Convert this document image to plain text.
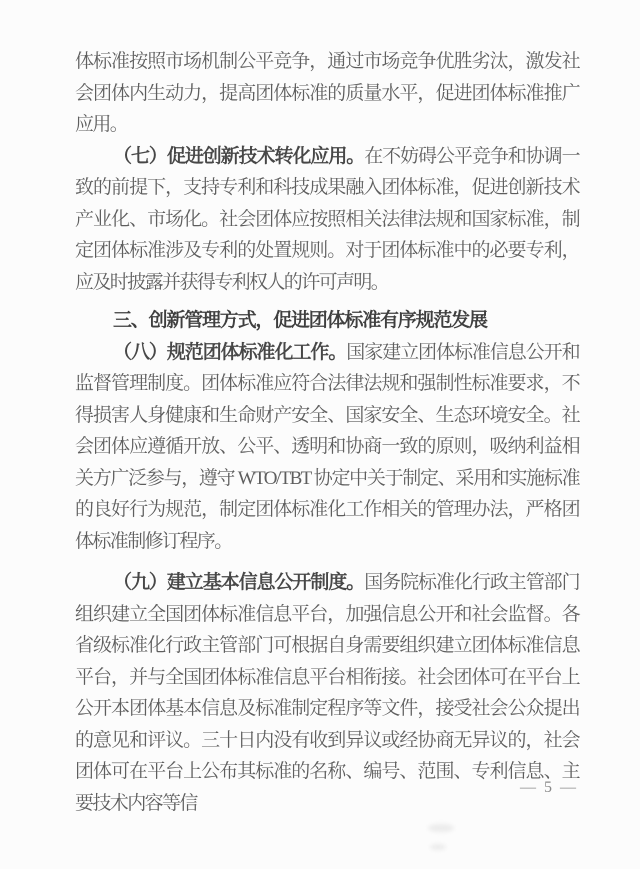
体标准按照市场机制公平竞争，通过市场竞争优胜劣汰，激发社会团体内生动力，提高团体标准的质量水平，促进团体标准推广应用。

（七）促进创新技术转化应用。在不妨碍公平竞争和协调一致的前提下，支持专利和科技成果融入团体标准，促进创新技术产业化、市场化。社会团体应按照相关法律法规和国家标准，制定团体标准涉及专利的处置规则。对于团体标准中的必要专利，应及时披露并获得专利权人的许可声明。

三、创新管理方式，促进团体标准有序规范发展

（八）规范团体标准化工作。国家建立团体标准信息公开和监督管理制度。团体标准应符合法律法规和强制性标准要求，不得损害人身健康和生命财产安全、国家安全、生态环境安全。社会团体应遵循开放、公平、透明和协商一致的原则，吸纳利益相关方广泛参与，遵守 WTO/TBT 协定中关于制定、采用和实施标准的良好行为规范，制定团体标准化工作相关的管理办法，严格团体标准制修订程序。

（九）建立基本信息公开制度。国务院标准化行政主管部门组织建立全国团体标准信息平台，加强信息公开和社会监督。各省级标准化行政主管部门可根据自身需要组织建立团体标准信息平台，并与全国团体标准信息平台相衔接。社会团体可在平台上公开本团体基本信息及标准制定程序等文件，接受社会公众提出的意见和评议。三十日内没有收到异议或经协商无异议的，社会团体可在平台上公布其标准的名称、编号、范围、专利信息、主要技术内容等信

— 5 —
